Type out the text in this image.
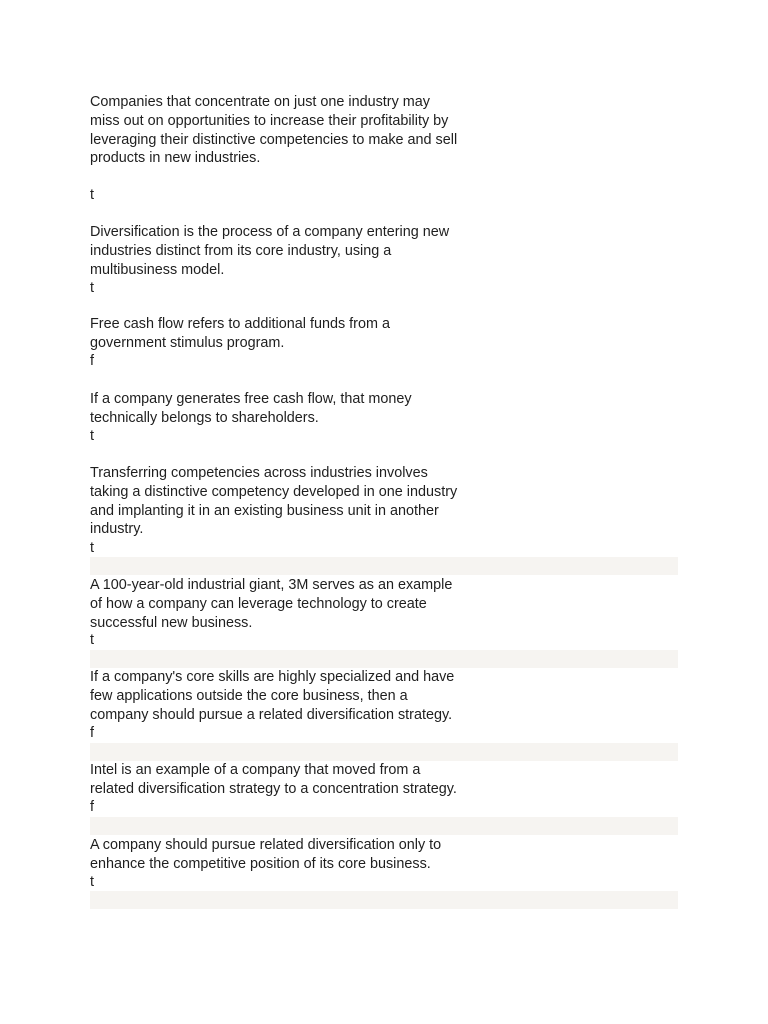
Companies that concentrate on just one industry may
miss out on opportunities to increase their profitability by
leveraging their distinctive competencies to make and sell
products in new industries.
t
Diversification is the process of a company entering new
industries distinct from its core industry, using a
multibusiness model.
t
Free cash flow refers to additional funds from a
government stimulus program.
f
If a company generates free cash flow, that money
technically belongs to shareholders.
t
Transferring competencies across industries involves
taking a distinctive competency developed in one industry
and implanting it in an existing business unit in another
industry.
t
A 100-year-old industrial giant, 3M serves as an example
of how a company can leverage technology to create
successful new business.
t
If a company's core skills are highly specialized and have
few applications outside the core business, then a
company should pursue a related diversification strategy.
f
Intel is an example of a company that moved from a
related diversification strategy to a concentration strategy.
f
A company should pursue related diversification only to
enhance the competitive position of its core business.
t
